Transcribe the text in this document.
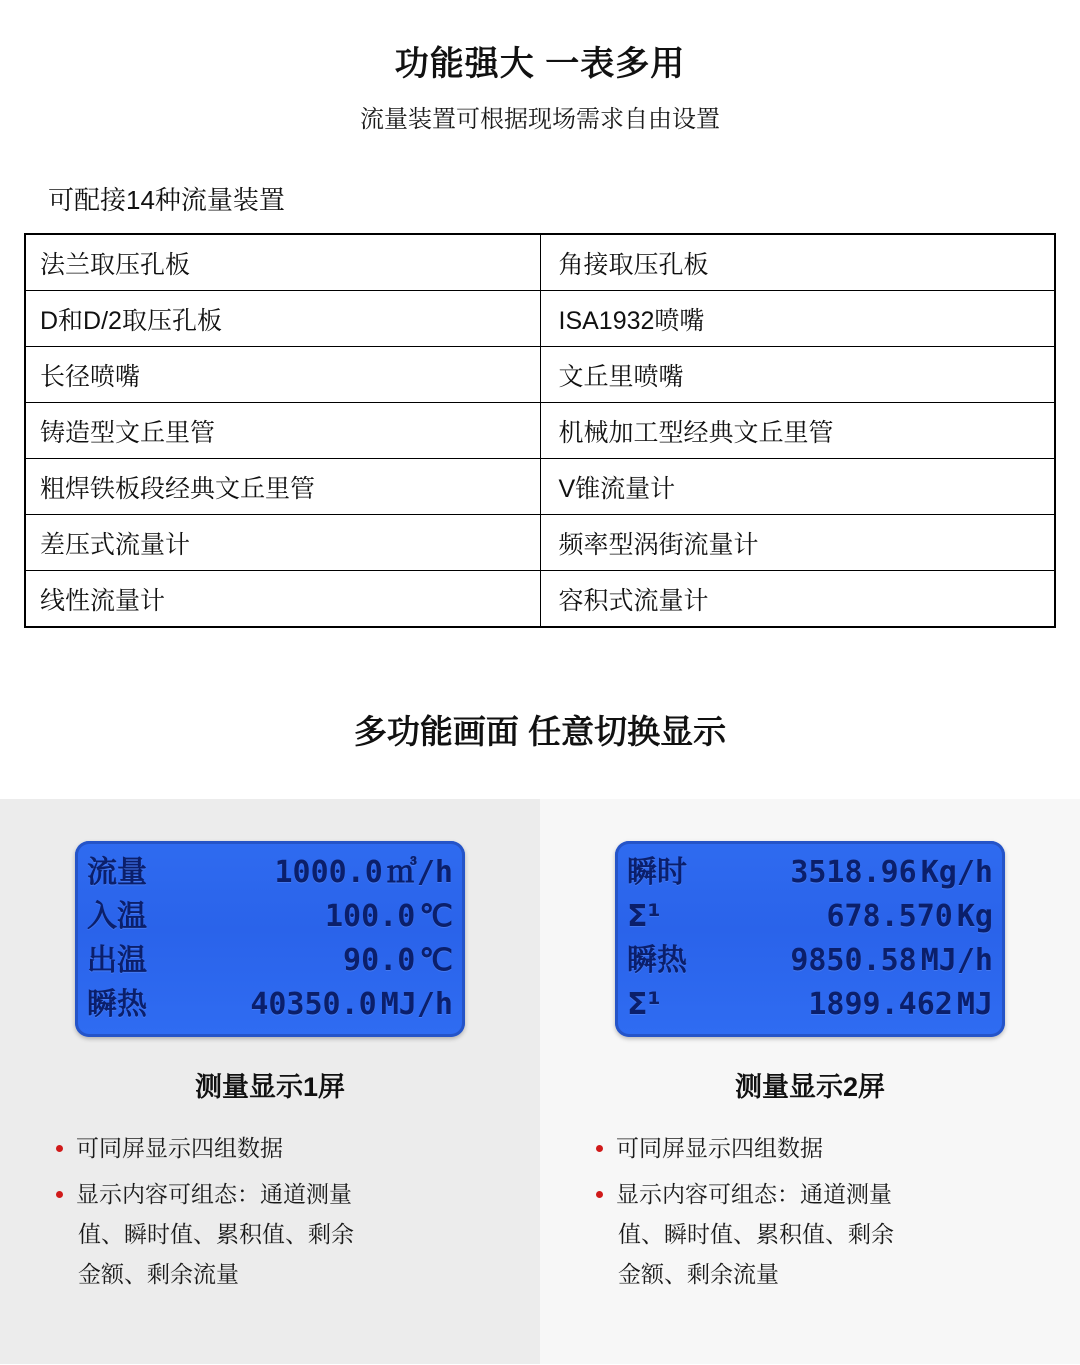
功能强大 一表多用
流量装置可根据现场需求自由设置
可配接14种流量装置
法兰取压孔板	角接取压孔板
D和D/2取压孔板	ISA1932喷嘴
长径喷嘴	文丘里喷嘴
铸造型文丘里管	机械加工型经典文丘里管
粗焊铁板段经典文丘里管	V锥流量计
差压式流量计	频率型涡街流量计
线性流量计	容积式流量计
多功能画面 任意切换显示
流量	1000.0 ㎥/h
入温	100.0 ℃
出温	90.0 ℃
瞬热	40350.0 MJ/h
测量显示1屏
可同屏显示四组数据
显示内容可组态：通道测量
值、瞬时值、累积值、剩余
金额、剩余流量
瞬时	3518.96 Kg/h
Σ¹	678.570 Kg
瞬热	9850.58 MJ/h
Σ¹	1899.462 MJ
测量显示2屏
可同屏显示四组数据
显示内容可组态：通道测量
值、瞬时值、累积值、剩余
金额、剩余流量
